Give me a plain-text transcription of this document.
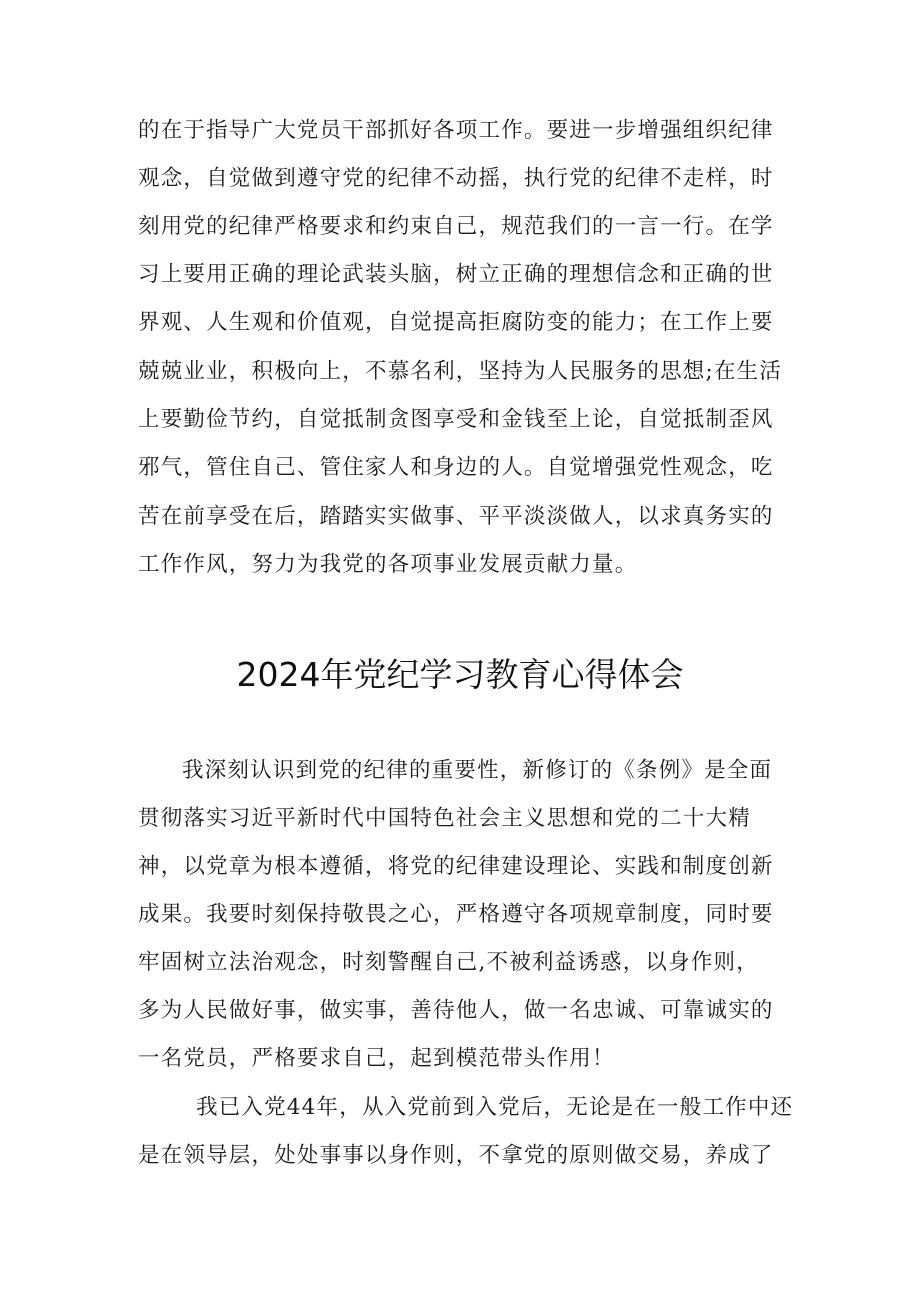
的在于指导广大党员干部抓好各项工作。要进一步增强组织纪律
观念，自觉做到遵守党的纪律不动摇，执行党的纪律不走样，时
刻用党的纪律严格要求和约束自己，规范我们的一言一行。在学
习上要用正确的理论武装头脑，树立正确的理想信念和正确的世
界观、人生观和价值观，自觉提高拒腐防变的能力；在工作上要
兢兢业业，积极向上，不慕名利，坚持为人民服务的思想;在生活
上要勤俭节约，自觉抵制贪图享受和金钱至上论，自觉抵制歪风
邪气，管住自己、管住家人和身边的人。自觉增强党性观念，吃
苦在前享受在后，踏踏实实做事、平平淡淡做人，以求真务实的
工作作风，努力为我党的各项事业发展贡献力量。
2024年党纪学习教育心得体会
我深刻认识到党的纪律的重要性，新修订的《条例》是全面
贯彻落实习近平新时代中国特色社会主义思想和党的二十大精
神，以党章为根本遵循，将党的纪律建设理论、实践和制度创新
成果。我要时刻保持敬畏之心，严格遵守各项规章制度，同时要
牢固树立法治观念，时刻警醒自己,不被利益诱惑，以身作则，
多为人民做好事，做实事，善待他人，做一名忠诚、可靠诚实的
一名党员，严格要求自己，起到模范带头作用！
我已入党44年，从入党前到入党后，无论是在一般工作中还
是在领导层，处处事事以身作则，不拿党的原则做交易，养成了
